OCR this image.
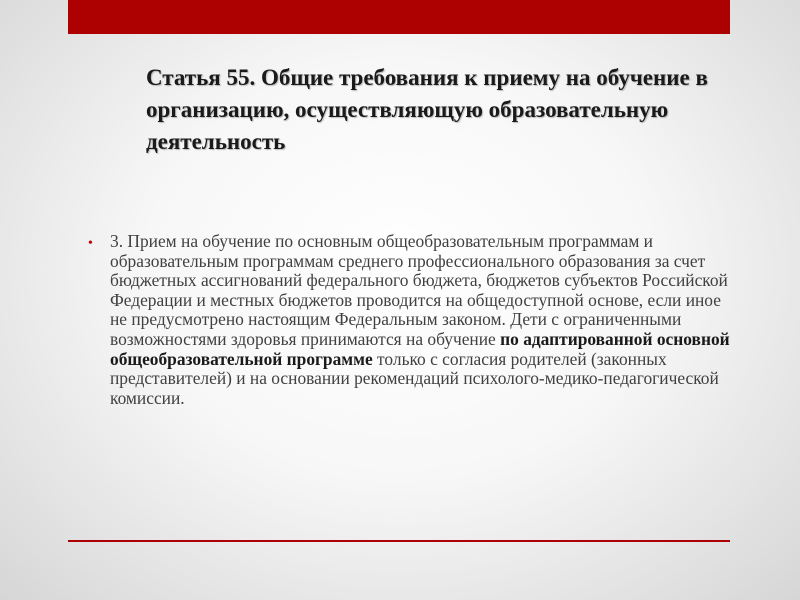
Статья 55. Общие требования к приему на обучение в организацию, осуществляющую образовательную деятельность
• 3. Прием на обучение по основным общеобразовательным программам и образовательным программам среднего профессионального образования за счет бюджетных ассигнований федерального бюджета, бюджетов субъектов Российской Федерации и местных бюджетов проводится на общедоступной основе, если иное не предусмотрено настоящим Федеральным законом. Дети с ограниченными возможностями здоровья принимаются на обучение по адаптированной основной общеобразовательной программе только с согласия родителей (законных представителей) и на основании рекомендаций психолого-медико-педагогической комиссии.
